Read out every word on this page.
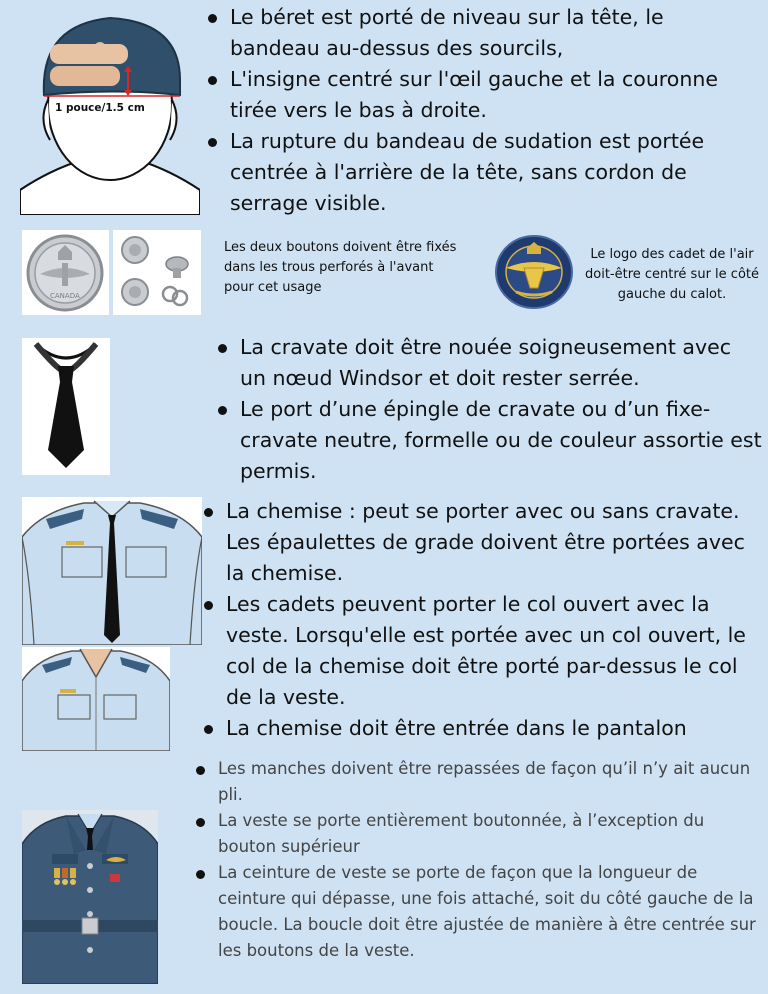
1 pouce/1.5 cm
Le béret est porté de niveau sur la tête, le bandeau au-dessus des sourcils,
L'insigne centré sur l'œil gauche et la couronne tirée vers le bas à droite.
La rupture du bandeau de sudation est portée centrée à l'arrière de la tête, sans cordon de serrage visible.
CANADA
Les deux boutons doivent être fixés dans les trous perforés à l'avant pour cet usage
Le logo des cadet de l'air doit-être centré sur le côté gauche du calot.
La cravate doit être nouée soigneusement avec un nœud Windsor et doit rester serrée.
Le port d’une épingle de cravate ou d’un fixe-cravate neutre, formelle ou de couleur assortie est permis.
La chemise : peut se porter avec ou sans cravate. Les épaulettes de grade doivent être portées avec la chemise.
Les cadets peuvent porter le col ouvert avec la veste. Lorsqu'elle est portée avec un col ouvert, le col de la chemise doit être porté par-dessus le col de la veste.
La chemise doit être entrée dans le pantalon
Les manches doivent être repassées de façon qu’il n’y ait aucun pli.
La veste se porte entièrement boutonnée, à l’exception du bouton supérieur
La ceinture de veste se porte de façon que la longueur de ceinture qui dépasse, une fois attaché, soit du côté gauche de la boucle. La boucle doit être ajustée de manière à être centrée sur les boutons de la veste.
